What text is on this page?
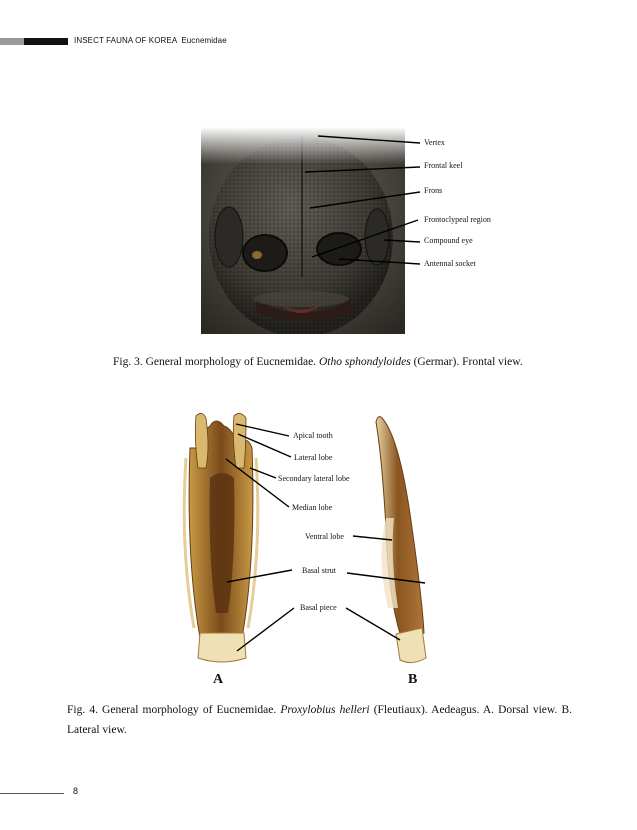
INSECT FAUNA OF KOREA Eucnemidae
Vertex
Frontal keel
Frons
Frontoclypeal region
Compound eye
Antennal socket
Fig. 3. General morphology of Eucnemidae. Otho sphondyloides (Germar). Frontal view.
Apical tooth
Lateral lobe
Secondary lateral lobe
Median lobe
Ventral lobe
Basal strut
Basal piece
A	B
Fig. 4. General morphology of Eucnemidae. Proxylobius helleri (Fleutiaux). Aedeagus. A. Dorsal view. B. Lateral view.
8
